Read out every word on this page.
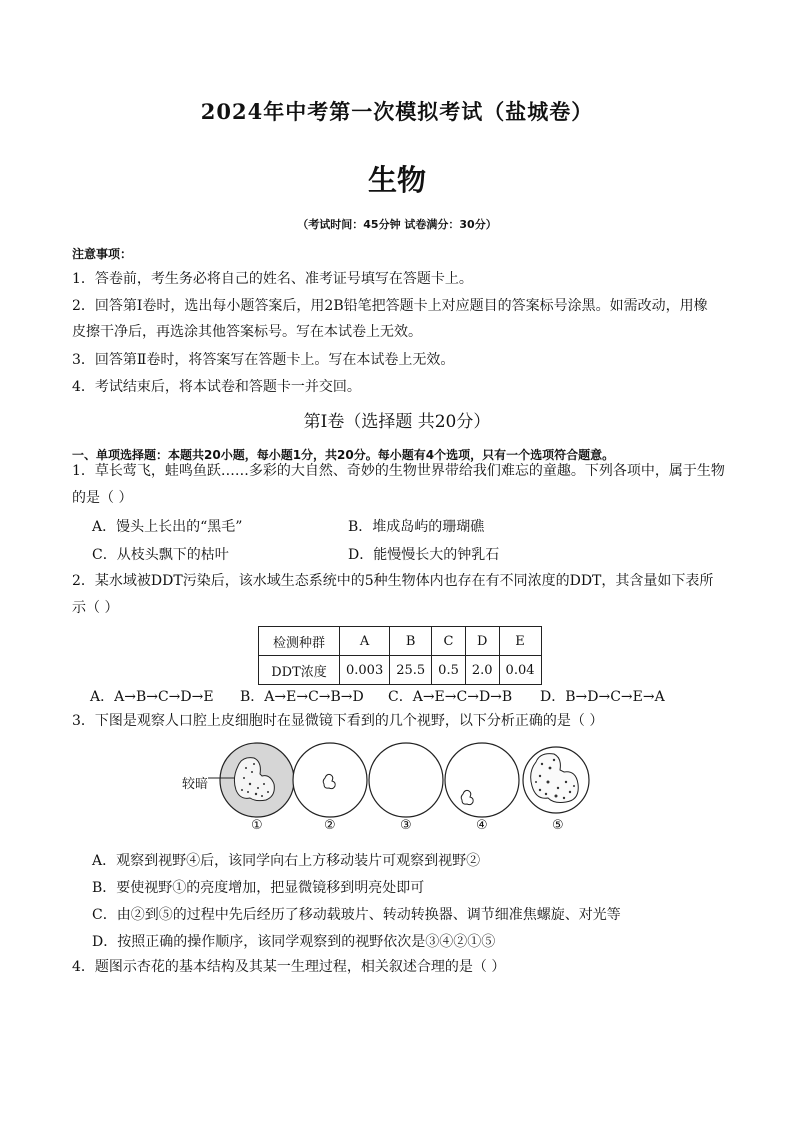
2024年中考第一次模拟考试（盐城卷）
生物
（考试时间：45分钟 试卷满分：30分）
注意事项：
1．答卷前，考生务必将自己的姓名、准考证号填写在答题卡上。
2．回答第Ⅰ卷时，选出每小题答案后，用2B铅笔把答题卡上对应题目的答案标号涂黑。如需改动，用橡
皮擦干净后，再选涂其他答案标号。写在本试卷上无效。
3．回答第Ⅱ卷时，将答案写在答题卡上。写在本试卷上无效。
4．考试结束后，将本试卷和答题卡一并交回。
第Ⅰ卷（选择题 共20分）
一、单项选择题：本题共20小题，每小题1分，共20分。每小题有4个选项，只有一个选项符合题意。
1．草长莺飞，蛙鸣鱼跃……多彩的大自然、奇妙的生物世界带给我们难忘的童趣。下列各项中，属于生物
的是（ ）
A．馒头上长出的“黑毛”	B．堆成岛屿的珊瑚礁
C．从枝头飘下的枯叶	D．能慢慢长大的钟乳石
2．某水域被DDT污染后，该水域生态系统中的5种生物体内也存在有不同浓度的DDT，其含量如下表所
示（ ）
检测种群	A	B	C	D	E
DDT浓度	0.003	25.5	0.5	2.0	0.04
A．A→B→C→D→E B．A→E→C→B→D C．A→E→C→D→B D．B→D→C→E→A
3．下图是观察人口腔上皮细胞时在显微镜下看到的几个视野，以下分析正确的是（ ）
较暗
①	②	③	④	⑤
A．观察到视野④后，该同学向右上方移动装片可观察到视野②
B．要使视野①的亮度增加，把显微镜移到明亮处即可
C．由②到⑤的过程中先后经历了移动载玻片、转动转换器、调节细准焦螺旋、对光等
D．按照正确的操作顺序，该同学观察到的视野依次是③④②①⑤
4．题图示杏花的基本结构及其某一生理过程，相关叙述合理的是（ ）
